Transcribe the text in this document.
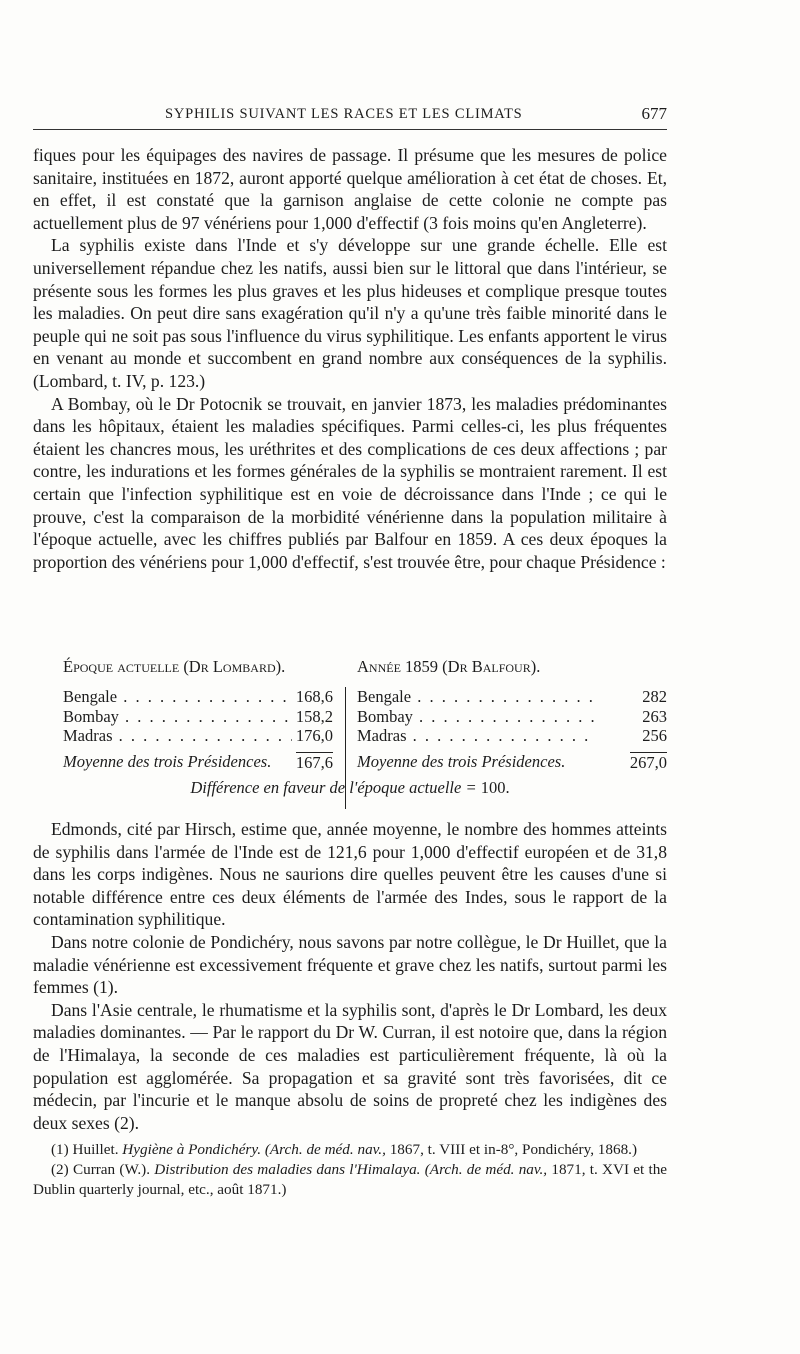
SYPHILIS SUIVANT LES RACES ET LES CLIMATS	677

fiques pour les équipages des navires de passage. Il présume que les mesures de police sanitaire, instituées en 1872, auront apporté quelque amélioration à cet état de choses. Et, en effet, il est constaté que la garnison anglaise de cette colonie ne compte pas actuellement plus de 97 vénériens pour 1,000 d'effectif (3 fois moins qu'en Angleterre).

La syphilis existe dans l'Inde et s'y développe sur une grande échelle. Elle est universellement répandue chez les natifs, aussi bien sur le littoral que dans l'intérieur, se présente sous les formes les plus graves et les plus hideuses et complique presque toutes les maladies. On peut dire sans exagération qu'il n'y a qu'une très faible minorité dans le peuple qui ne soit pas sous l'influence du virus syphilitique. Les enfants apportent le virus en venant au monde et succombent en grand nombre aux conséquences de la syphilis. (Lombard, t. IV, p. 123.)

A Bombay, où le Dr Potocnik se trouvait, en janvier 1873, les maladies prédominantes dans les hôpitaux, étaient les maladies spécifiques. Parmi celles-ci, les plus fréquentes étaient les chancres mous, les uréthrites et des complications de ces deux affections ; par contre, les indurations et les formes générales de la syphilis se montraient rarement. Il est certain que l'infection syphilitique est en voie de décroissance dans l'Inde ; ce qui le prouve, c'est la comparaison de la morbidité vénérienne dans la population militaire à l'époque actuelle, avec les chiffres publiés par Balfour en 1859. A ces deux époques la proportion des vénériens pour 1,000 d'effectif, s'est trouvée être, pour chaque Présidence :

Époque actuelle (Dr Lombard).
Bengale . . .	168,6
Bombay . . .	158,2
Madras . . .	176,0
Moyenne des trois Présidences.	167,6
Année 1859 (Dr Balfour).
Bengale . . .	282
Bombay . . .	263
Madras . . .	256
Moyenne des trois Présidences.	267,0
Différence en faveur de l'époque actuelle = 100.

Edmonds, cité par Hirsch, estime que, année moyenne, le nombre des hommes atteints de syphilis dans l'armée de l'Inde est de 121,6 pour 1,000 d'effectif européen et de 31,8 dans les corps indigènes. Nous ne saurions dire quelles peuvent être les causes d'une si notable différence entre ces deux éléments de l'armée des Indes, sous le rapport de la contamination syphilitique.

Dans notre colonie de Pondichéry, nous savons par notre collègue, le Dr Huillet, que la maladie vénérienne est excessivement fréquente et grave chez les natifs, surtout parmi les femmes (1).

Dans l'Asie centrale, le rhumatisme et la syphilis sont, d'après le Dr Lombard, les deux maladies dominantes. — Par le rapport du Dr W. Curran, il est notoire que, dans la région de l'Himalaya, la seconde de ces maladies est particulièrement fréquente, là où la population est agglomérée. Sa propagation et sa gravité sont très favorisées, dit ce médecin, par l'incurie et le manque absolu de soins de propreté chez les indigènes des deux sexes (2).

(1) Huillet. Hygiène à Pondichéry. (Arch. de méd. nav., 1867, t. VIII et in-8°, Pondichéry, 1868.)

(2) Curran (W.). Distribution des maladies dans l'Himalaya. (Arch. de méd. nav., 1871, t. XVI et the Dublin quarterly journal, etc., août 1871.)
